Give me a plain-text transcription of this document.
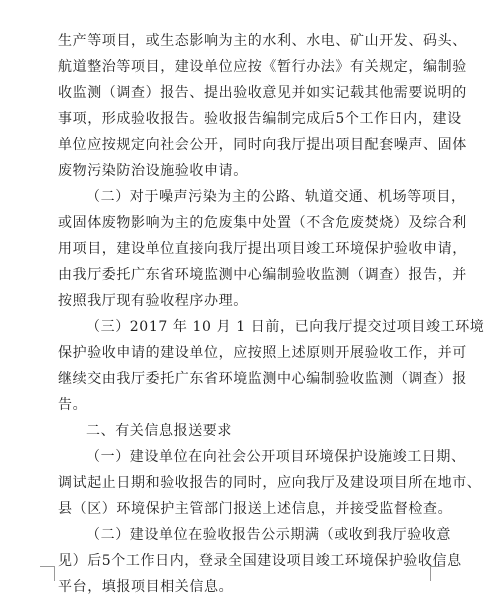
生产等项目，或生态影响为主的水利、水电、矿山开发、码头、
航道整治等项目，建设单位应按《暂行办法》有关规定，编制验
收监测（调查）报告、提出验收意见并如实记载其他需要说明的
事项，形成验收报告。验收报告编制完成后5个工作日内，建设
单位应按规定向社会公开，同时向我厅提出项目配套噪声、固体
废物污染防治设施验收申请。
（二）对于噪声污染为主的公路、轨道交通、机场等项目，
或固体废物影响为主的危废集中处置（不含危废焚烧）及综合利
用项目，建设单位直接向我厅提出项目竣工环境保护验收申请，
由我厅委托广东省环境监测中心编制验收监测（调查）报告，并
按照我厅现有验收程序办理。
（三）2017 年 10 月 1 日前，已向我厅提交过项目竣工环境
保护验收申请的建设单位，应按照上述原则开展验收工作，并可
继续交由我厅委托广东省环境监测中心编制验收监测（调查）报
告。
二、有关信息报送要求
（一）建设单位在向社会公开项目环境保护设施竣工日期、
调试起止日期和验收报告的同时，应向我厅及建设项目所在地市、
县（区）环境保护主管部门报送上述信息，并接受监督检查。
（二）建设单位在验收报告公示期满（或收到我厅验收意
见）后5个工作日内，登录全国建设项目竣工环境保护验收信息
平台，填报项目相关信息。
